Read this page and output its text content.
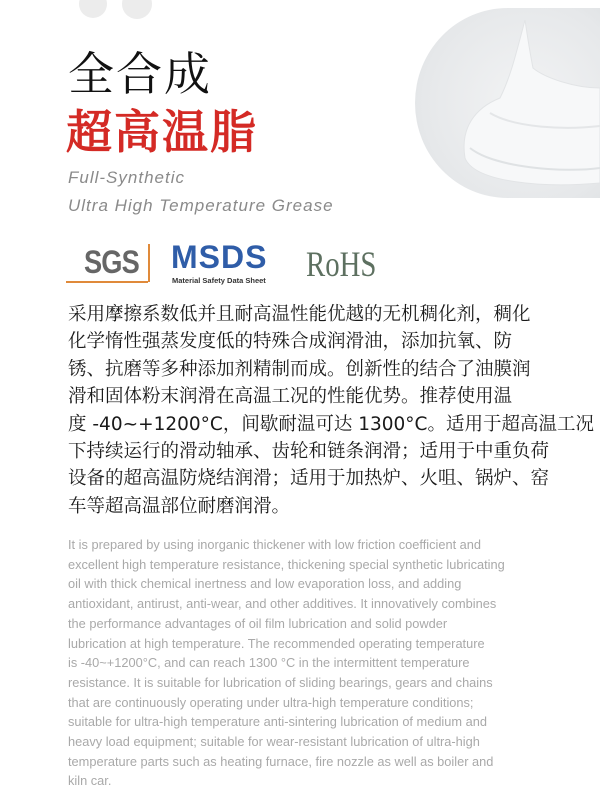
全合成
超高温脂
Full-Synthetic
Ultra High Temperature Grease
SGS MSDS
Material Safety Data Sheet RoHS
采用摩擦系数低并且耐高温性能优越的无机稠化剂，稠化
化学惰性强蒸发度低的特殊合成润滑油，添加抗氧、防
锈、抗磨等多种添加剂精制而成。创新性的结合了油膜润
滑和固体粉末润滑在高温工况的性能优势。推荐使用温
度 -40~+1200°C，间歇耐温可达 1300°C。适用于超高温工况
下持续运行的滑动轴承、齿轮和链条润滑；适用于中重负荷
设备的超高温防烧结润滑；适用于加热炉、火咀、锅炉、窑
车等超高温部位耐磨润滑。
It is prepared by using inorganic thickener with low friction coefficient and
excellent high temperature resistance, thickening special synthetic lubricating
oil with thick chemical inertness and low evaporation loss, and adding
antioxidant, antirust, anti-wear, and other additives. It innovatively combines
the performance advantages of oil film lubrication and solid powder
lubrication at high temperature. The recommended operating temperature
is -40~+1200°C, and can reach 1300 °C in the intermittent temperature
resistance. It is suitable for lubrication of sliding bearings, gears and chains
that are continuously operating under ultra-high temperature conditions;
suitable for ultra-high temperature anti-sintering lubrication of medium and
heavy load equipment; suitable for wear-resistant lubrication of ultra-high
temperature parts such as heating furnace, fire nozzle as well as boiler and
kiln car.
